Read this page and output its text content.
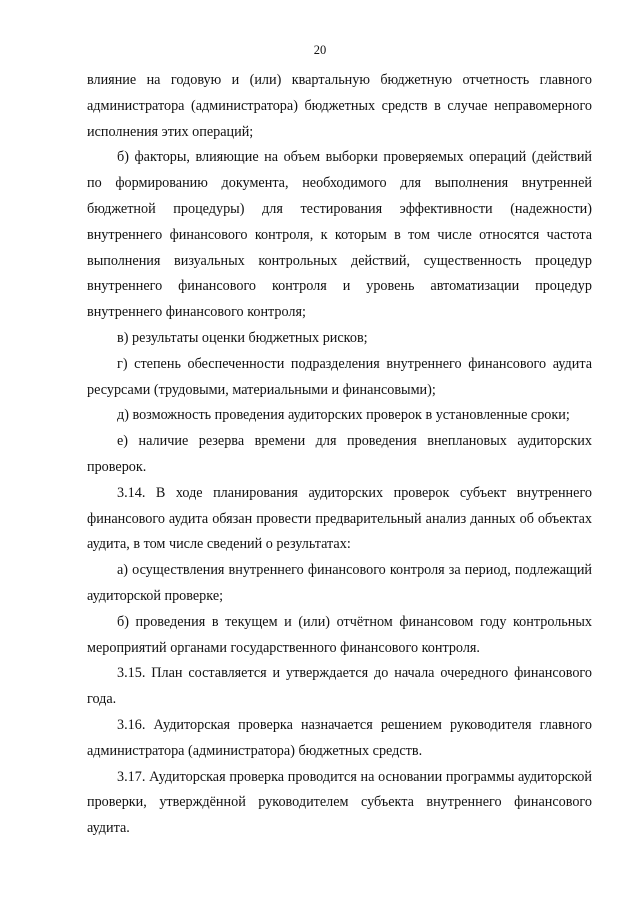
20

влияние на годовую и (или) квартальную бюджетную отчетность главного администратора (администратора) бюджетных средств в случае неправомерного исполнения этих операций;

б) факторы, влияющие на объем выборки проверяемых операций (действий по формированию документа, необходимого для выполнения внутренней бюджетной процедуры) для тестирования эффективности (надежности) внутреннего финансового контроля, к которым в том числе относятся частота выполнения визуальных контрольных действий, существенность процедур внутреннего финансового контроля и уровень автоматизации процедур внутреннего финансового контроля;

в) результаты оценки бюджетных рисков;

г) степень обеспеченности подразделения внутреннего финансового аудита ресурсами (трудовыми, материальными и финансовыми);

д) возможность проведения аудиторских проверок в установленные сроки;

е) наличие резерва времени для проведения внеплановых аудиторских проверок.

3.14. В ходе планирования аудиторских проверок субъект внутреннего финансового аудита обязан провести предварительный анализ данных об объектах аудита, в том числе сведений о результатах:

а) осуществления внутреннего финансового контроля за период, подлежащий аудиторской проверке;

б) проведения в текущем и (или) отчётном финансовом году контрольных мероприятий органами государственного финансового контроля.

3.15. План составляется и утверждается до начала очередного финансового года.

3.16. Аудиторская проверка назначается решением руководителя главного администратора (администратора) бюджетных средств.

3.17. Аудиторская проверка проводится на основании программы аудиторской проверки, утверждённой руководителем субъекта внутреннего финансового аудита.
